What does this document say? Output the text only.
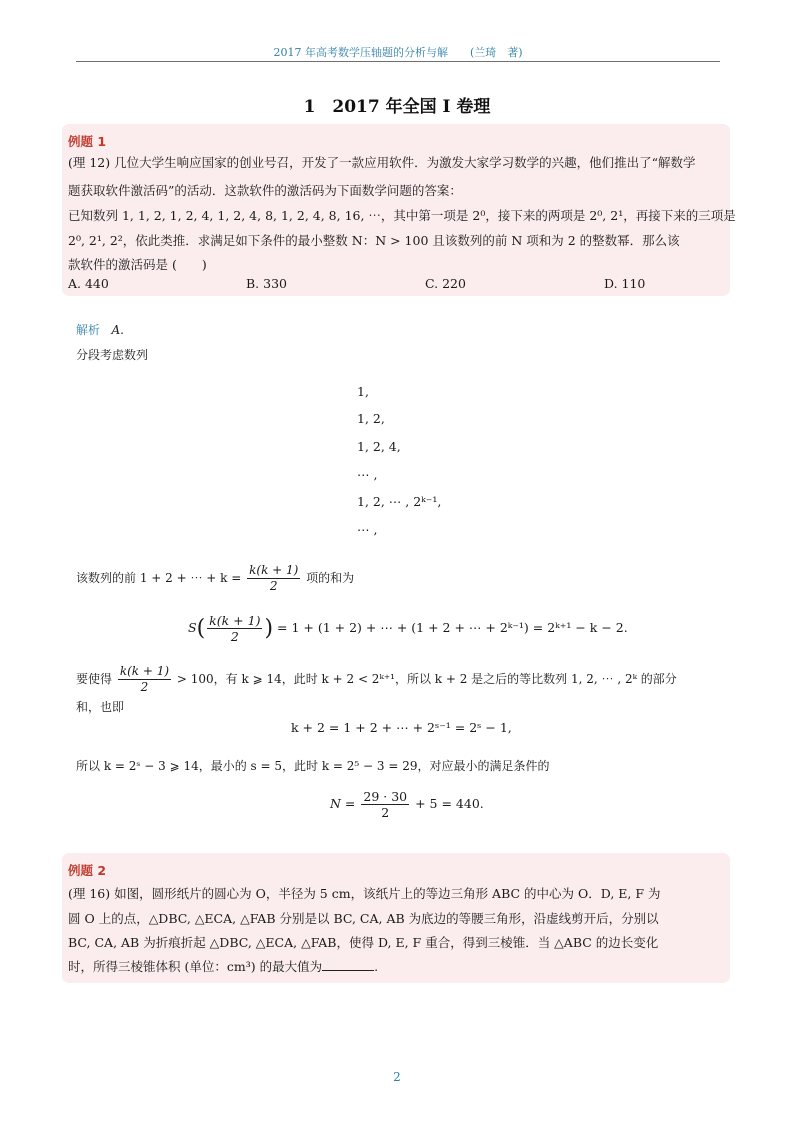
2017 年高考数学压轴题的分析与解　　(兰琦　著)
1　2017 年全国 I 卷理
例题 1
(理 12) 几位大学生响应国家的创业号召，开发了一款应用软件．为激发大家学习数学的兴趣，他们推出了“解数学
题获取软件激活码”的活动．这款软件的激活码为下面数学问题的答案：
已知数列 1, 1, 2, 1, 2, 4, 1, 2, 4, 8, 1, 2, 4, 8, 16, ⋯，其中第一项是 2⁰，接下来的两项是 2⁰, 2¹，再接下来的三项是
2⁰, 2¹, 2²，依此类推．求满足如下条件的最小整数 N：N > 100 且该数列的前 N 项和为 2 的整数幂．那么该
款软件的激活码是 (　　)
A. 440	B. 330	C. 220	D. 110
解析 A.
分段考虑数列
1,
1, 2,
1, 2, 4,
⋯ ,
1, 2, ⋯ , 2ᵏ⁻¹,
⋯ ,
该数列的前 1 + 2 + ⋯ + $k = \frac{k(k + 1)}{2}$ 项的和为
$S( \frac{k(k + 1)}{2}$ ) = 1 + (1 + 2) + ⋯ + (1 + 2 + ⋯ + 2ᵏ⁻¹) = 2ᵏ⁺¹ − k − 2.
要使得 $\frac{k(k + 1)}{2} > 100$，有 k ⩾ 14，此时 k + 2 < 2ᵏ⁺¹，所以 k + 2 是之后的等比数列 1, 2, ⋯ , 2ᵏ 的部分
和，也即
k + 2 = 1 + 2 + ⋯ + 2ˢ⁻¹ = 2ˢ − 1,
所以 k = 2ˢ − 3 ⩾ 14，最小的 s = 5，此时 k = 2⁵ − 3 = 29，对应最小的满足条件的
$N = \frac{29 \cdot 30}{2} + 5 = 440$.
例题 2
(理 16) 如图，圆形纸片的圆心为 O，半径为 5 cm，该纸片上的等边三角形 ABC 的中心为 O．D, E, F 为
圆 O 上的点，△DBC, △ECA, △FAB 分别是以 BC, CA, AB 为底边的等腰三角形，沿虚线剪开后，分别以
BC, CA, AB 为折痕折起 △DBC, △ECA, △FAB，使得 D, E, F 重合，得到三棱锥．当 △ABC 的边长变化
时，所得三棱锥体积 (单位：cm³) 的最大值为	.
2
